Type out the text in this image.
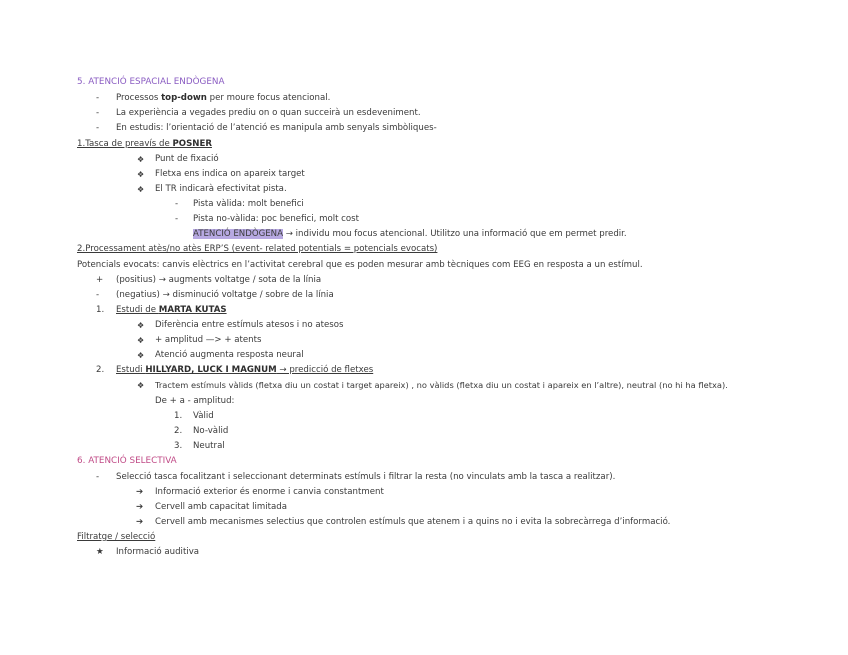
5. ATENCIÓ ESPACIAL ENDÒGENA
- Processos top-down per moure focus atencional.
- La experiència a vegades prediu on o quan succeirà un esdeveniment.
- En estudis: l’orientació de l’atenció es manipula amb senyals simbòliques-
1.Tasca de preavís de POSNER
❖ Punt de fixació
❖ Fletxa ens indica on apareix target
❖ El TR indicarà efectivitat pista.
- Pista vàlida: molt benefici
- Pista no-vàlida: poc benefici, molt cost
ATENCIÓ ENDÒGENA → individu mou focus atencional. Utilitzo una informació que em permet predir.
2.Processament atès/no atès ERP’S (event- related potentials = potencials evocats)
Potencials evocats: canvis elèctrics en l’activitat cerebral que es poden mesurar amb tècniques com EEG en resposta a un estímul.
+ (positius) → augments voltatge / sota de la línia
- (negatius) → disminució voltatge / sobre de la línia
1. Estudi de MARTA KUTAS
❖ Diferència entre estímuls atesos i no atesos
❖ + amplitud —> + atents
❖ Atenció augmenta resposta neural
2. Estudi HILLYARD, LUCK I MAGNUM → predicció de fletxes
❖ Tractem estímuls vàlids (fletxa diu un costat i target apareix) , no vàlids (fletxa diu un costat i apareix en l’altre), neutral (no hi ha fletxa).
De + a - amplitud:
1. Vàlid
2. No-vàlid
3. Neutral
6. ATENCIÓ SELECTIVA
- Selecció tasca focalitzant i seleccionant determinats estímuls i filtrar la resta (no vinculats amb la tasca a realitzar).
➔ Informació exterior és enorme i canvia constantment
➔ Cervell amb capacitat limitada
➔ Cervell amb mecanismes selectius que controlen estímuls que atenem i a quins no i evita la sobrecàrrega d’informació.
Filtratge / selecció
★ Informació auditiva
